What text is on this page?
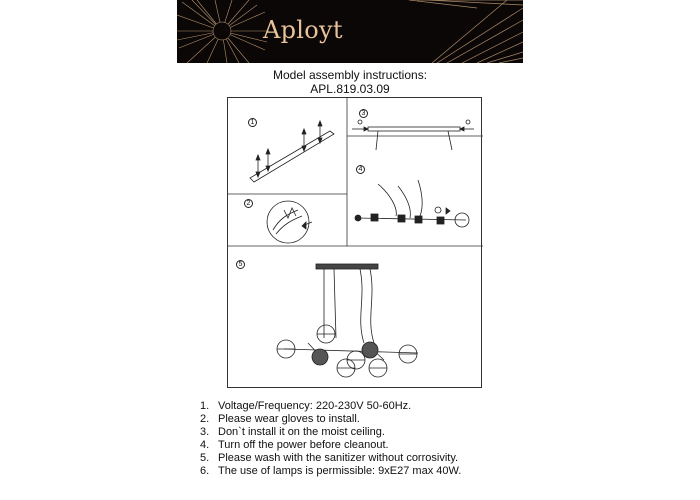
Aployt
Model assembly instructions:
APL.819.03.09
1
2
3
4
5
1. Voltage/Frequency: 220-230V 50-60Hz.
2. Please wear gloves to install.
3. Don`t install it on the moist ceiling.
4. Turn off the power before cleanout.
5. Please wash with the sanitizer without corrosivity.
6. The use of lamps is permissible: 9xE27 max 40W.
